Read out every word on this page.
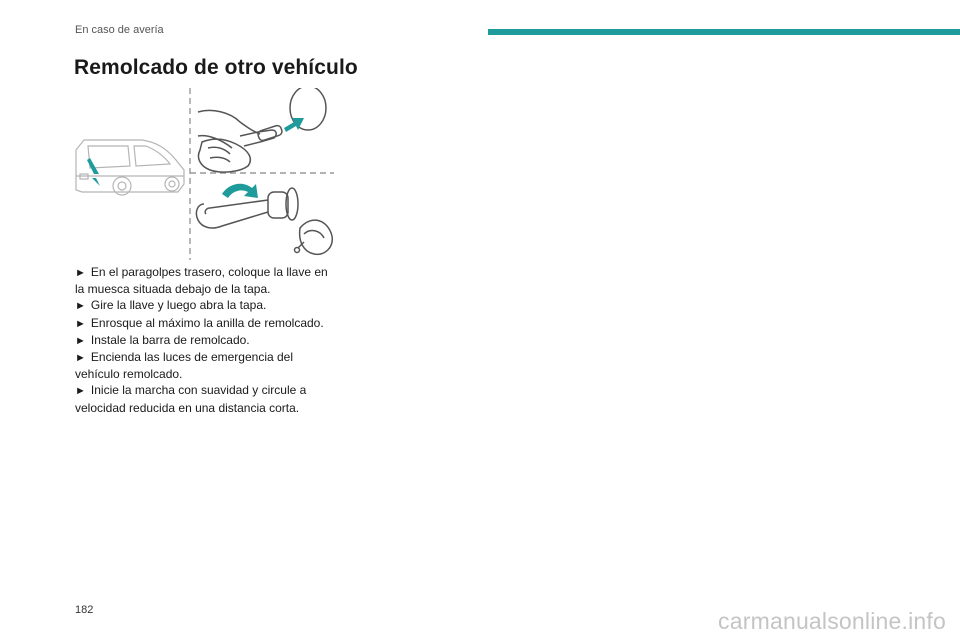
En caso de avería
Remolcado de otro vehículo

► En el paragolpes trasero, coloque la llave en la muesca situada debajo de la tapa.

► Gire la llave y luego abra la tapa.

► Enrosque al máximo la anilla de remolcado.

► Instale la barra de remolcado.

► Encienda las luces de emergencia del vehículo remolcado.

► Inicie la marcha con suavidad y circule a velocidad reducida en una distancia corta.

182	carmanualsonline.info
